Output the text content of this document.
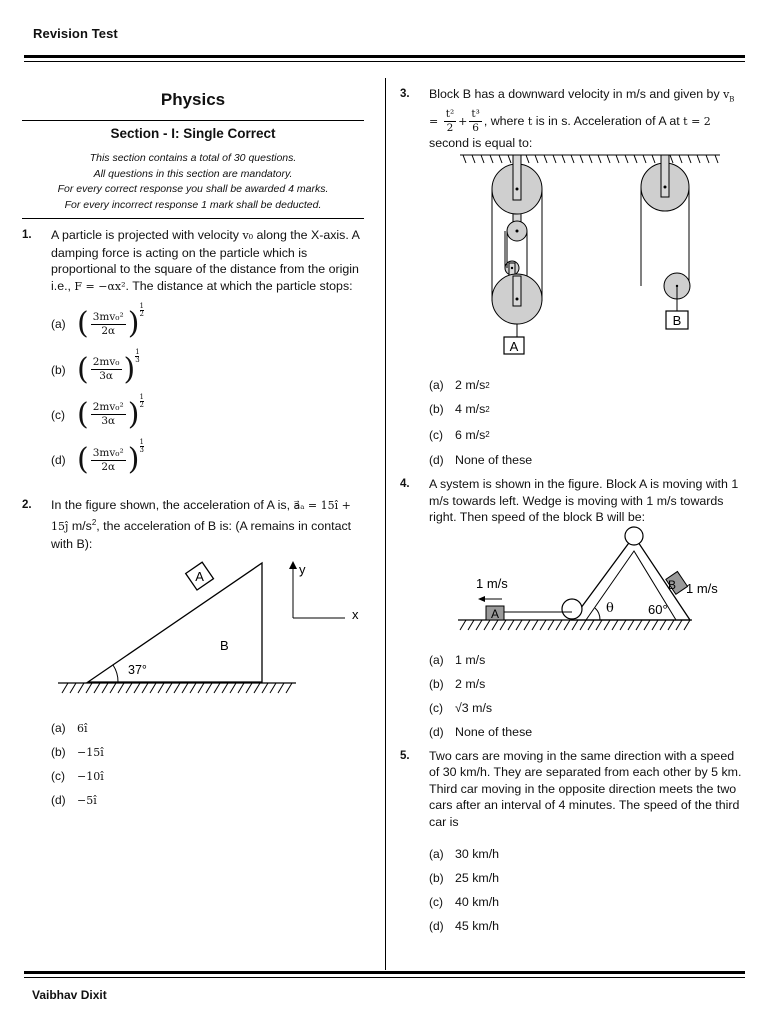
Revision Test
Physics
Section - I: Single Correct
This section contains a total of 30 questions.
All questions in this section are mandatory.
For every correct response you shall be awarded 4 marks.
For every incorrect response 1 mark shall be deducted.
1. A particle is projected with velocity v₀ along the X-axis. A damping force is acting on the particle which is proportional to the square of the distance from the origin i.e., F = −αx². The distance at which the particle stops:
(a) ( $\frac{\text{3mv₀²}}{2\alpha}$ ) 1
2
(b) ( $\frac{\text{2mv₀}}{3\alpha}$ ) 1
3
(c) ( $\frac{\text{2mv₀²}}{3\alpha}$ ) 1
2
(d) ( $\frac{\text{3mv₀²}}{2\alpha}$ ) 1
3
2. In the figure shown, the acceleration of A is, a⃗ₐ = 15î + 15ĵ $m/s^2$, the acceleration of B is: (A remains in contact with B):
A
B
37°
y
x
(a)	6î
(b)	−15î
(c)	−10î
(d)	−5î
3. Block B has a downward velocity in m/s and given by $v_B = \frac{\text{t²}}{2} + \frac{\text{t³}}{6}$ , where t is in s. Acceleration of A at t = 2 second is equal to:
A
B
(a) 2 m/s 2
(b) 4 m/s 2
(c) 6 m/s 2
(d) None of these
4. A system is shown in the figure. Block A is moving with 1 m/s towards left. Wedge is moving with 1 m/s towards right. Then speed of the block B will be:
A
1 m/s	B 1 m/s
θ	60°
(a) 1 m/s
(b) 2 m/s
(c) √3 m/s
(d) None of these
5. Two cars are moving in the same direction with a speed of 30 km/h. They are separated from each other by 5 km. Third car moving in the opposite direction meets the two cars after an interval of 4 minutes. The speed of the third car is
(a) 30 km/h
(b) 25 km/h
(c) 40 km/h
(d) 45 km/h
Vaibhav Dixit
